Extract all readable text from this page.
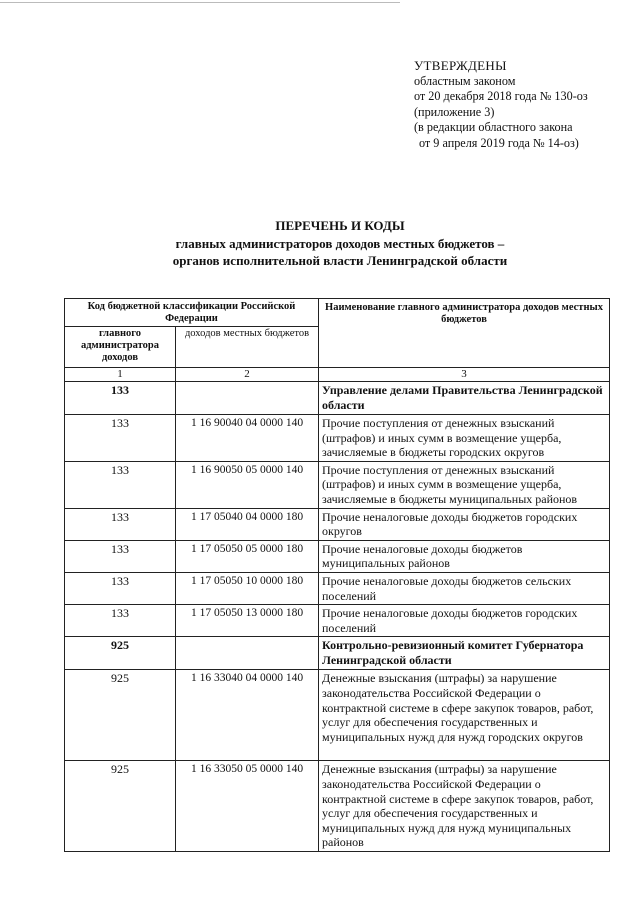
УТВЕРЖДЕНЫ
областным законом
от 20 декабря 2018 года № 130-оз
(приложение 3)
(в редакции областного закона
от 9 апреля 2019 года № 14-оз)
ПЕРЕЧЕНЬ И КОДЫ
главных администраторов доходов местных бюджетов –
органов исполнительной власти Ленинградской области
Код бюджетной классификации Российской Федерации		Наименование главного администратора доходов местных бюджетов
главного администратора доходов	доходов местных бюджетов	
1	2	3
133		Управление делами Правительства Ленинградской области
133	1 16 90040 04 0000 140	Прочие поступления от денежных взысканий (штрафов) и иных сумм в возмещение ущерба, зачисляемые в бюджеты городских округов
133	1 16 90050 05 0000 140	Прочие поступления от денежных взысканий (штрафов) и иных сумм в возмещение ущерба, зачисляемые в бюджеты муниципальных районов
133	1 17 05040 04 0000 180	Прочие неналоговые доходы бюджетов городских округов
133	1 17 05050 05 0000 180	Прочие неналоговые доходы бюджетов муниципальных районов
133	1 17 05050 10 0000 180	Прочие неналоговые доходы бюджетов сельских поселений
133	1 17 05050 13 0000 180	Прочие неналоговые доходы бюджетов городских поселений
925		Контрольно-ревизионный комитет Губернатора Ленинградской области
925	1 16 33040 04 0000 140	Денежные взыскания (штрафы) за нарушение законодательства Российской Федерации о контрактной системе в сфере закупок товаров, работ, услуг для обеспечения государственных и муниципальных нужд для нужд городских округов
925	1 16 33050 05 0000 140	Денежные взыскания (штрафы) за нарушение законодательства Российской Федерации о контрактной системе в сфере закупок товаров, работ, услуг для обеспечения государственных и муниципальных нужд для нужд муниципальных районов
